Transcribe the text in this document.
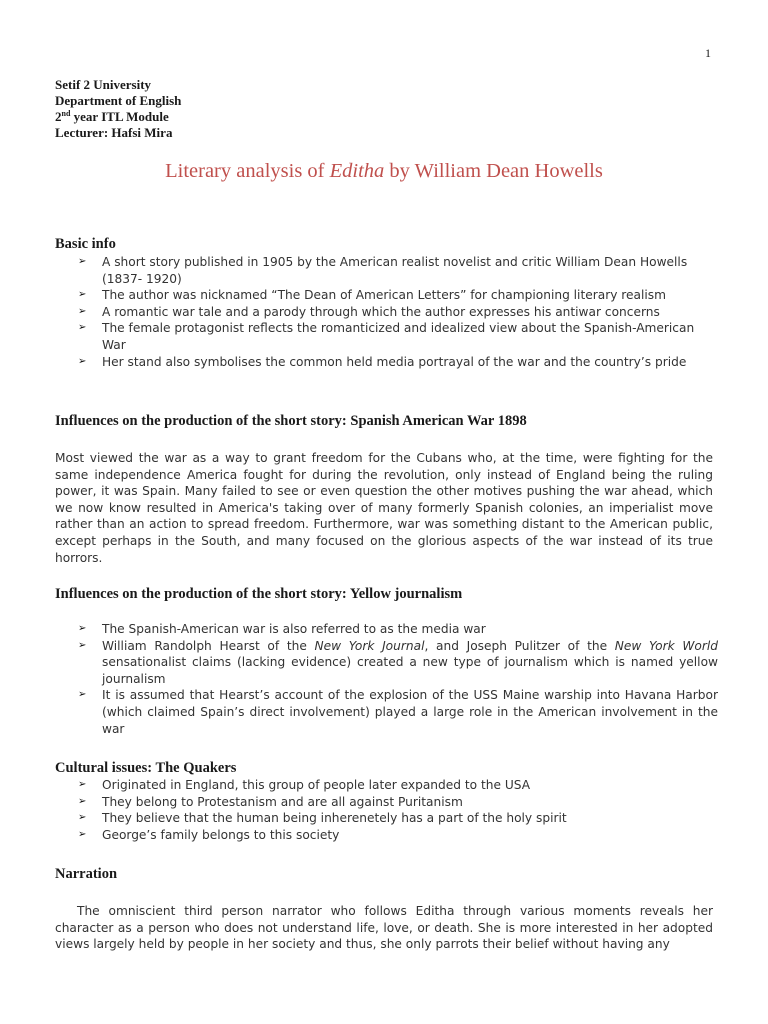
1
Setif 2 University
Department of English
2nd year ITL Module
Lecturer: Hafsi Mira
Literary analysis of Editha by William Dean Howells
Basic info
➢ A short story published in 1905 by the American realist novelist and critic William Dean Howells (1837- 1920)
➢ The author was nicknamed “The Dean of American Letters” for championing literary realism
➢ A romantic war tale and a parody through which the author expresses his antiwar concerns
➢ The female protagonist reflects the romanticized and idealized view about the Spanish-American War
➢ Her stand also symbolises the common held media portrayal of the war and the country’s pride
Influences on the production of the short story: Spanish American War 1898

Most viewed the war as a way to grant freedom for the Cubans who, at the time, were fighting for the same independence America fought for during the revolution, only instead of England being the ruling power, it was Spain. Many failed to see or even question the other motives pushing the war ahead, which we now know resulted in America's taking over of many formerly Spanish colonies, an imperialist move rather than an action to spread freedom. Furthermore, war was something distant to the American public, except perhaps in the South, and many focused on the glorious aspects of the war instead of its true horrors.

Influences on the production of the short story: Yellow journalism
➢ The Spanish-American war is also referred to as the media war
➢ William Randolph Hearst of the New York Journal, and Joseph Pulitzer of the New York World sensationalist claims (lacking evidence) created a new type of journalism which is named yellow journalism
➢ It is assumed that Hearst’s account of the explosion of the USS Maine warship into Havana Harbor (which claimed Spain’s direct involvement) played a large role in the American involvement in the war
Cultural issues: The Quakers
➢ Originated in England, this group of people later expanded to the USA
➢ They belong to Protestanism and are all against Puritanism
➢ They believe that the human being inherenetely has a part of the holy spirit
➢ George’s family belongs to this society
Narration

The omniscient third person narrator who follows Editha through various moments reveals her character as a person who does not understand life, love, or death. She is more interested in her adopted views largely held by people in her society and thus, she only parrots their belief without having any
